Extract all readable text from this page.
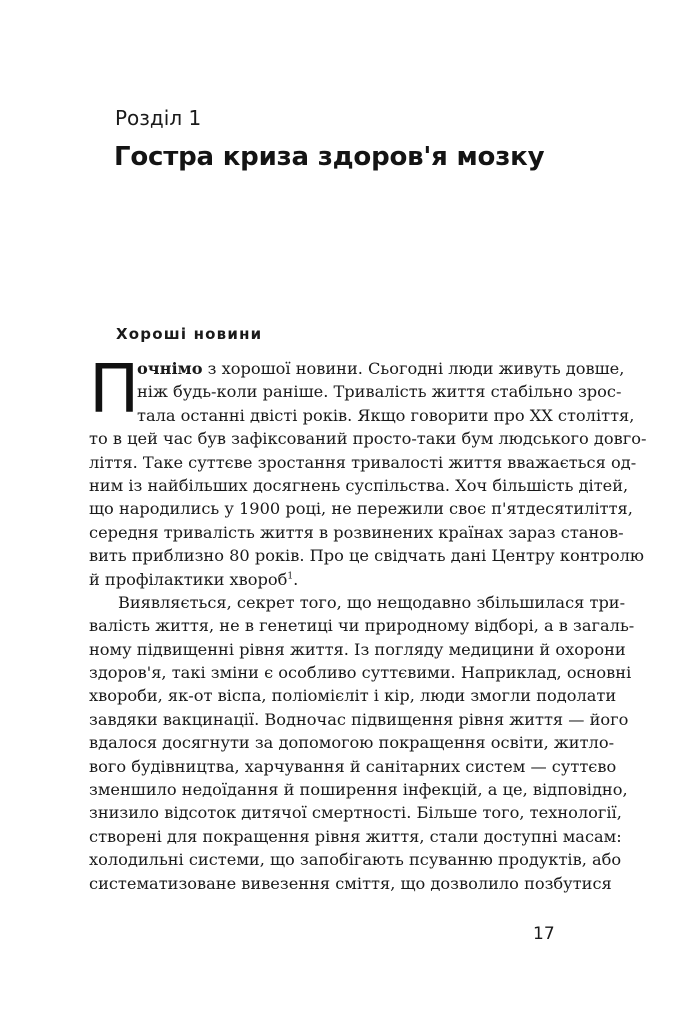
Розділ 1
Гостра криза здоров'я мозку
Хороші новини
П
очнімо з хорошої новини. Сьогодні люди живуть довше,
ніж будь-коли раніше. Тривалість життя стабільно зрос-
тала останні двісті років. Якщо говорити про XX століття,
то в цей час був зафіксований просто-таки бум людського довго-
ліття. Таке суттєве зростання тривалості життя вважається од-
ним із найбільших досягнень суспільства. Хоч більшість дітей,
що народились у 1900 році, не пережили своє п'ятдесятиліття,
середня тривалість життя в розвинених країнах зараз станов-
вить приблизно 80 років. Про це свідчать дані Центру контролю
й профілактики хвороб$^1$.
Виявляється, секрет того, що нещодавно збільшилася три-
валість життя, не в генетиці чи природному відборі, а в загаль-
ному підвищенні рівня життя. Із погляду медицини й охорони
здоров'я, такі зміни є особливо суттєвими. Наприклад, основні
хвороби, як-от віспа, поліомієліт і кір, люди змогли подолати
завдяки вакцинації. Водночас підвищення рівня життя — його
вдалося досягнути за допомогою покращення освіти, житло-
вого будівництва, харчування й санітарних систем — суттєво
зменшило недоїдання й поширення інфекцій, а це, відповідно,
знизило відсоток дитячої смертності. Більше того, технології,
створені для покращення рівня життя, стали доступні масам:
холодильні системи, що запобігають псуванню продуктів, або
систематизоване вивезення сміття, що дозволило позбутися
17
